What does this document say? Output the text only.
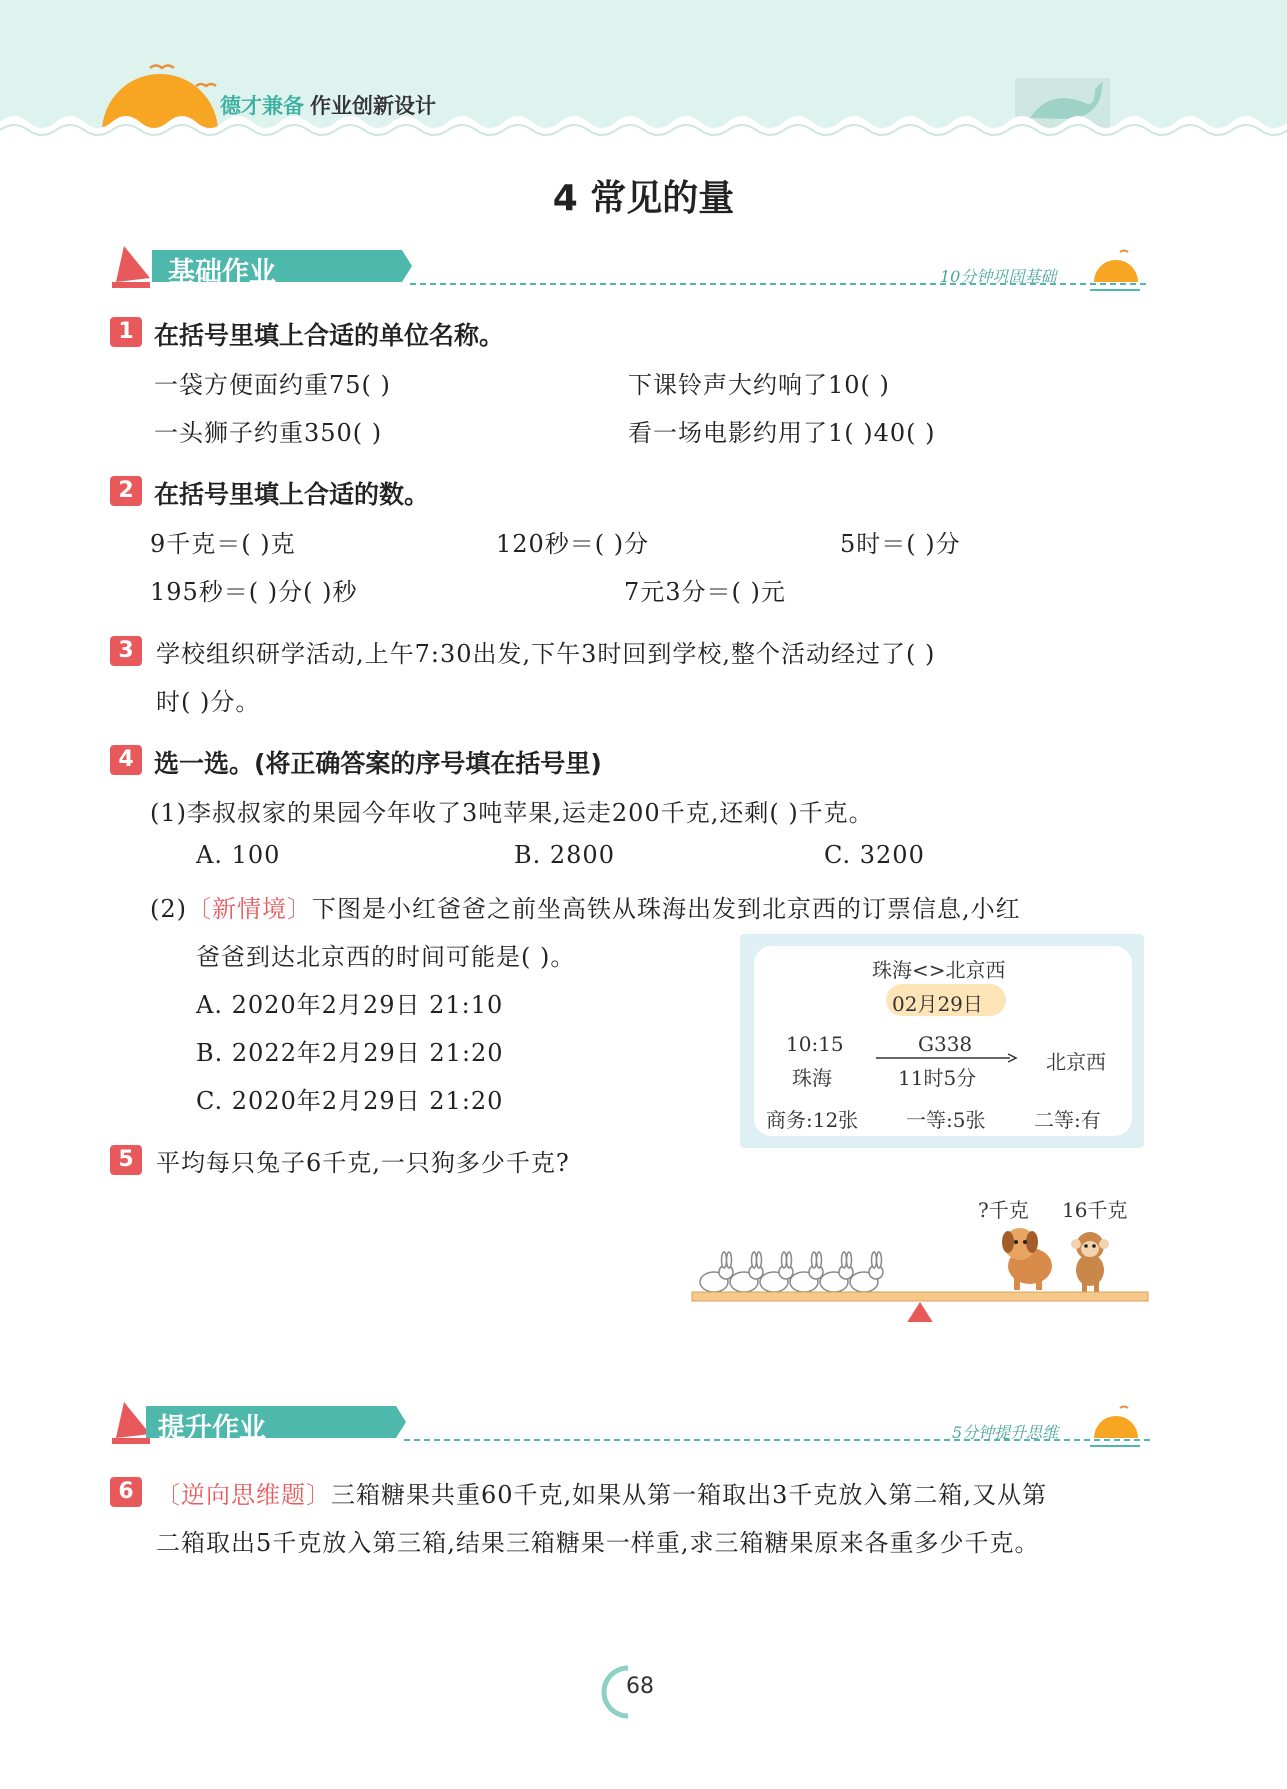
德才兼备 作业创新设计
4 常见的量
基础作业	10分钟巩固基础
1 在括号里填上合适的单位名称。
一袋方便面约重75( )	下课铃声大约响了10( )
一头狮子约重350( )	看一场电影约用了1( )40( )
2 在括号里填上合适的数。
9千克＝( )克	120秒＝( )分	5时＝( )分
195秒＝( )分( )秒	7元3分＝( )元
3 学校组织研学活动,上午7:30出发,下午3时回到学校,整个活动经过了( )
时( )分。
4 选一选。(将正确答案的序号填在括号里)
(1)李叔叔家的果园今年收了3吨苹果,运走200千克,还剩( )千克。
A. 100	B. 2800	C. 3200
(2)〔新情境〕下图是小红爸爸之前坐高铁从珠海出发到北京西的订票信息,小红
爸爸到达北京西的时间可能是( )。
A. 2020年2月29日 21:10
B. 2022年2月29日 21:20
C. 2020年2月29日 21:20
珠海<>北京西
02月29日
10:15
珠海
G338
11时5分
北京西
商务:12张 一等:5张 二等:有
5 平均每只兔子6千克,一只狗多少千克?
?千克 16千克
提升作业	5分钟提升思维
6 〔逆向思维题〕三箱糖果共重60千克,如果从第一箱取出3千克放入第二箱,又从第
二箱取出5千克放入第三箱,结果三箱糖果一样重,求三箱糖果原来各重多少千克。
68
